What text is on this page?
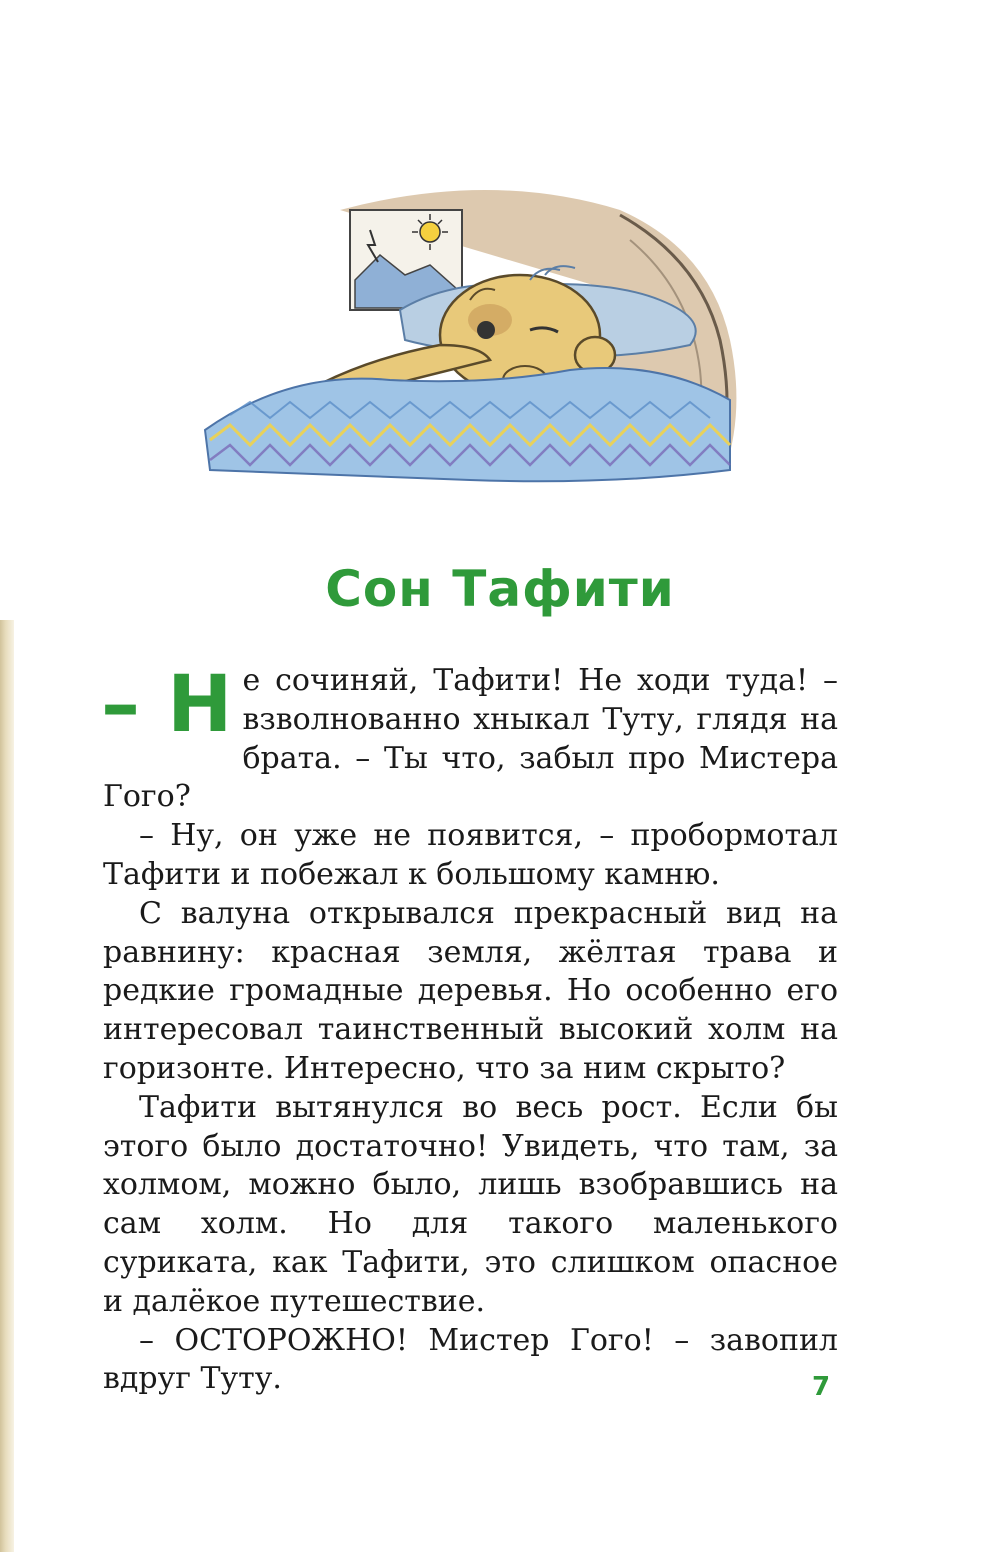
Сон Тафити

– Н е сочиняй, Тафити! Не ходи туда! – взволнованно хныкал Туту, глядя на брата. – Ты что, забыл про Мистера Гого?

– Ну, он уже не появится, – пробормотал Тафити и побежал к большому камню.

С валуна открывался прекрасный вид на равнину: красная земля, жёлтая трава и редкие громадные деревья. Но особенно его интересовал таинственный высокий холм на горизонте. Интересно, что за ним скрыто?

Тафити вытянулся во весь рост. Если бы этого было достаточно! Увидеть, что там, за холмом, можно было, лишь взобравшись на сам холм. Но для такого маленького суриката, как Тафити, это слишком опасное и далёкое путешествие.

– ОСТОРОЖНО! Мистер Гого! – завопил вдруг Туту.	7
